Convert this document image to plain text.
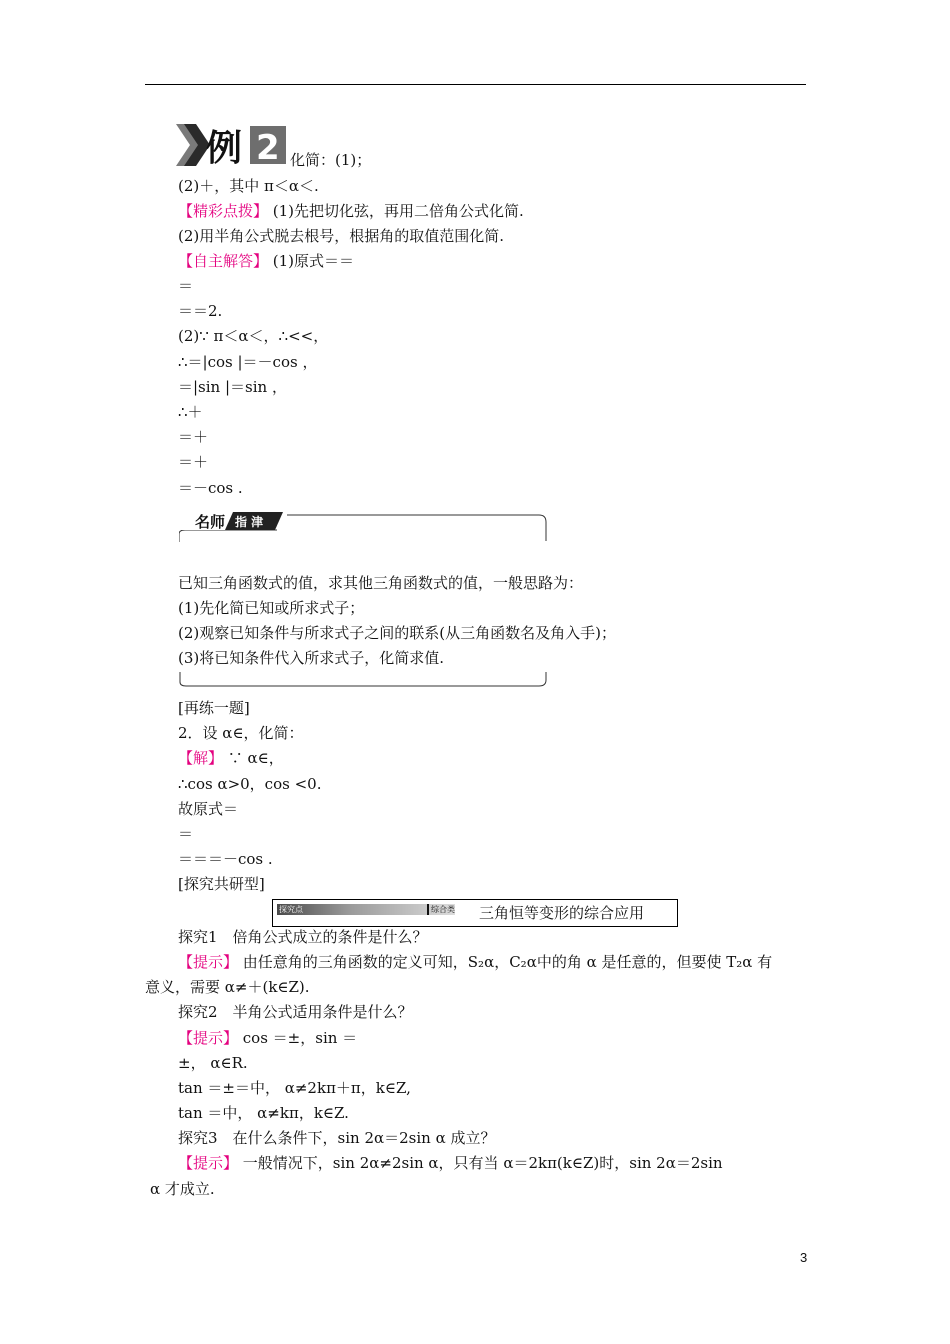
例 2 化简：(1)；
(2)＋，其中 π＜α＜.
【精彩点拨】 (1)先把切化弦，再用二倍角公式化简.
(2)用半角公式脱去根号，根据角的取值范围化简.
【自主解答】 (1)原式＝＝
＝
＝＝2.
(2)∵ π＜α＜，∴<<，
∴＝|cos |＝－cos ，
＝|sin |＝sin ，
∴＋
＝＋
＝＋
＝－cos .
名师 指 津
已知三角函数式的值，求其他三角函数式的值，一般思路为：
(1)先化简已知或所求式子；
(2)观察已知条件与所求式子之间的联系(从三角函数名及角入手)；
(3)将已知条件代入所求式子，化简求值.
[再练一题]
2．设 α∈，化简：
【解】 ∵ α∈，
∴cos α>0，cos <0.
故原式＝
＝
＝＝＝－cos .
[探究共研型]
探究点	综合类 三角恒等变形的综合应用
探究1　倍角公式成立的条件是什么？
【提示】 由任意角的三角函数的定义可知，S₂α，C₂α中的角 α 是任意的，但要使 T₂α 有
意义，需要 α≠＋(k∈Z).
探究2　半角公式适用条件是什么？
【提示】 cos ＝±，sin ＝
±， α∈R.
tan ＝±＝中， α≠2kπ＋π，k∈Z,
tan ＝中， α≠kπ，k∈Z.
探究3　在什么条件下，sin 2α＝2sin α 成立？
【提示】 一般情况下，sin 2α≠2sin α，只有当 α＝2kπ(k∈Z)时，sin 2α＝2sin
α 才成立.
3
